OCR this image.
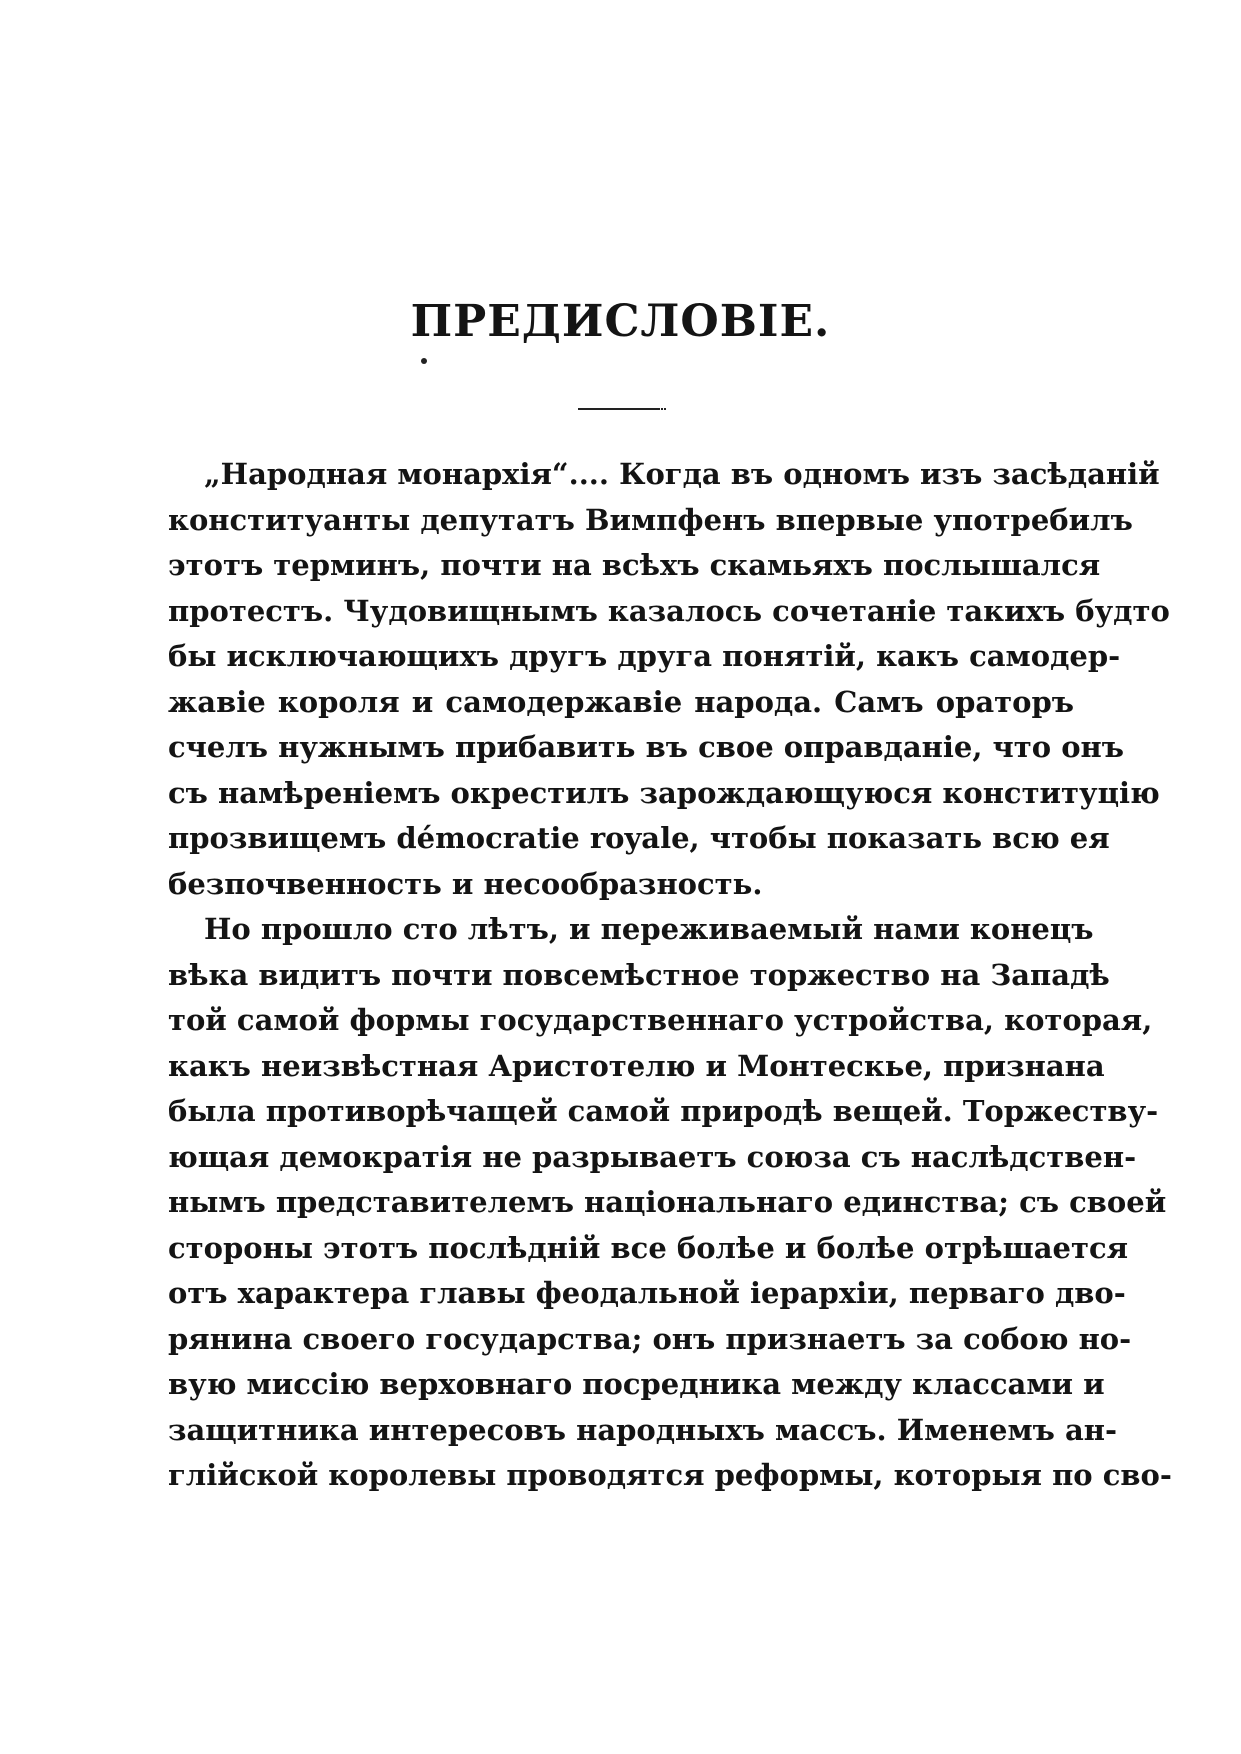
ПРЕДИСЛОВІЕ.
„Народная монархія“.... Когда въ одномъ изъ засѣданій
конституанты депутатъ Вимпфенъ впервые употребилъ
этотъ терминъ, почти на всѣхъ скамьяхъ послышался
протестъ. Чудовищнымъ казалось сочетаніе такихъ будто
бы исключающихъ другъ друга понятій, какъ самодер-
жавіе короля и самодержавіе народа. Самъ ораторъ
счелъ нужнымъ прибавить въ свое оправданіе, что онъ
съ намѣреніемъ окрестилъ зарождающуюся конституцію
прозвищемъ démocratie royale, чтобы показать всю ея
безпочвенность и несообразность.
Но прошло сто лѣтъ, и переживаемый нами конецъ
вѣка видитъ почти повсемѣстное торжество на Западѣ
той самой формы государственнаго устройства, которая,
какъ неизвѣстная Аристотелю и Монтескье, признана
была противорѣчащей самой природѣ вещей. Торжеству-
ющая демократія не разрываетъ союза съ наслѣдствен-
нымъ представителемъ національнаго единства; съ своей
стороны этотъ послѣдній все болѣе и болѣе отрѣшается
отъ характера главы феодальной іерархіи, перваго дво-
рянина своего государства; онъ признаетъ за собою но-
вую миссію верховнаго посредника между классами и
защитника интересовъ народныхъ массъ. Именемъ ан-
глійской королевы проводятся реформы, которыя по сво-
